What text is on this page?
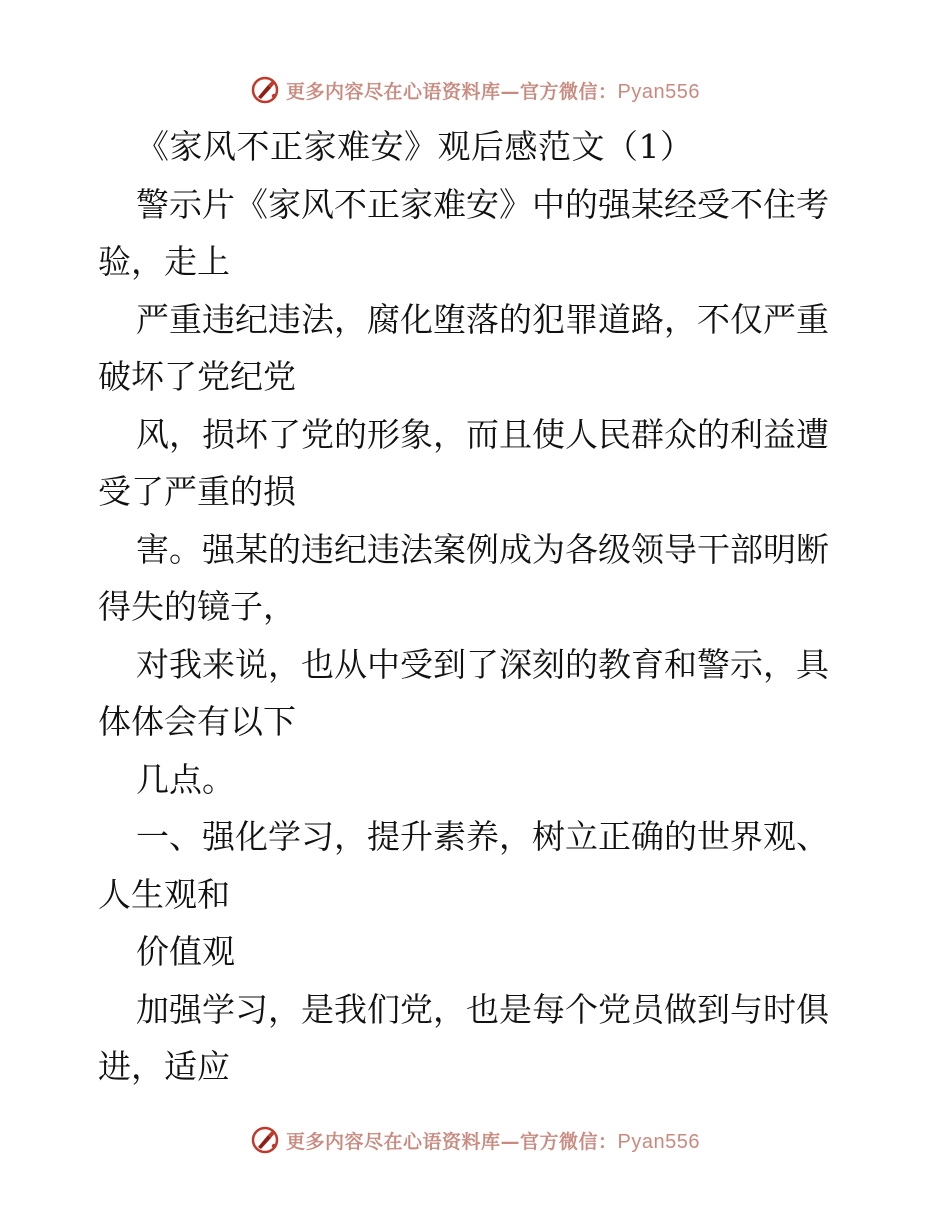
更多内容尽在心语资料库—官方微信：Pyan556
《家风不正家难安》观后感范文（1）
警示片《家风不正家难安》中的强某经受不住考
验，走上
严重违纪违法，腐化堕落的犯罪道路，不仅严重
破坏了党纪党
风，损坏了党的形象，而且使人民群众的利益遭
受了严重的损
害。强某的违纪违法案例成为各级领导干部明断
得失的镜子，
对我来说，也从中受到了深刻的教育和警示，具
体体会有以下
几点。
一、强化学习，提升素养，树立正确的世界观、
人生观和
价值观
加强学习，是我们党，也是每个党员做到与时俱
进，适应
更多内容尽在心语资料库—官方微信：Pyan556
